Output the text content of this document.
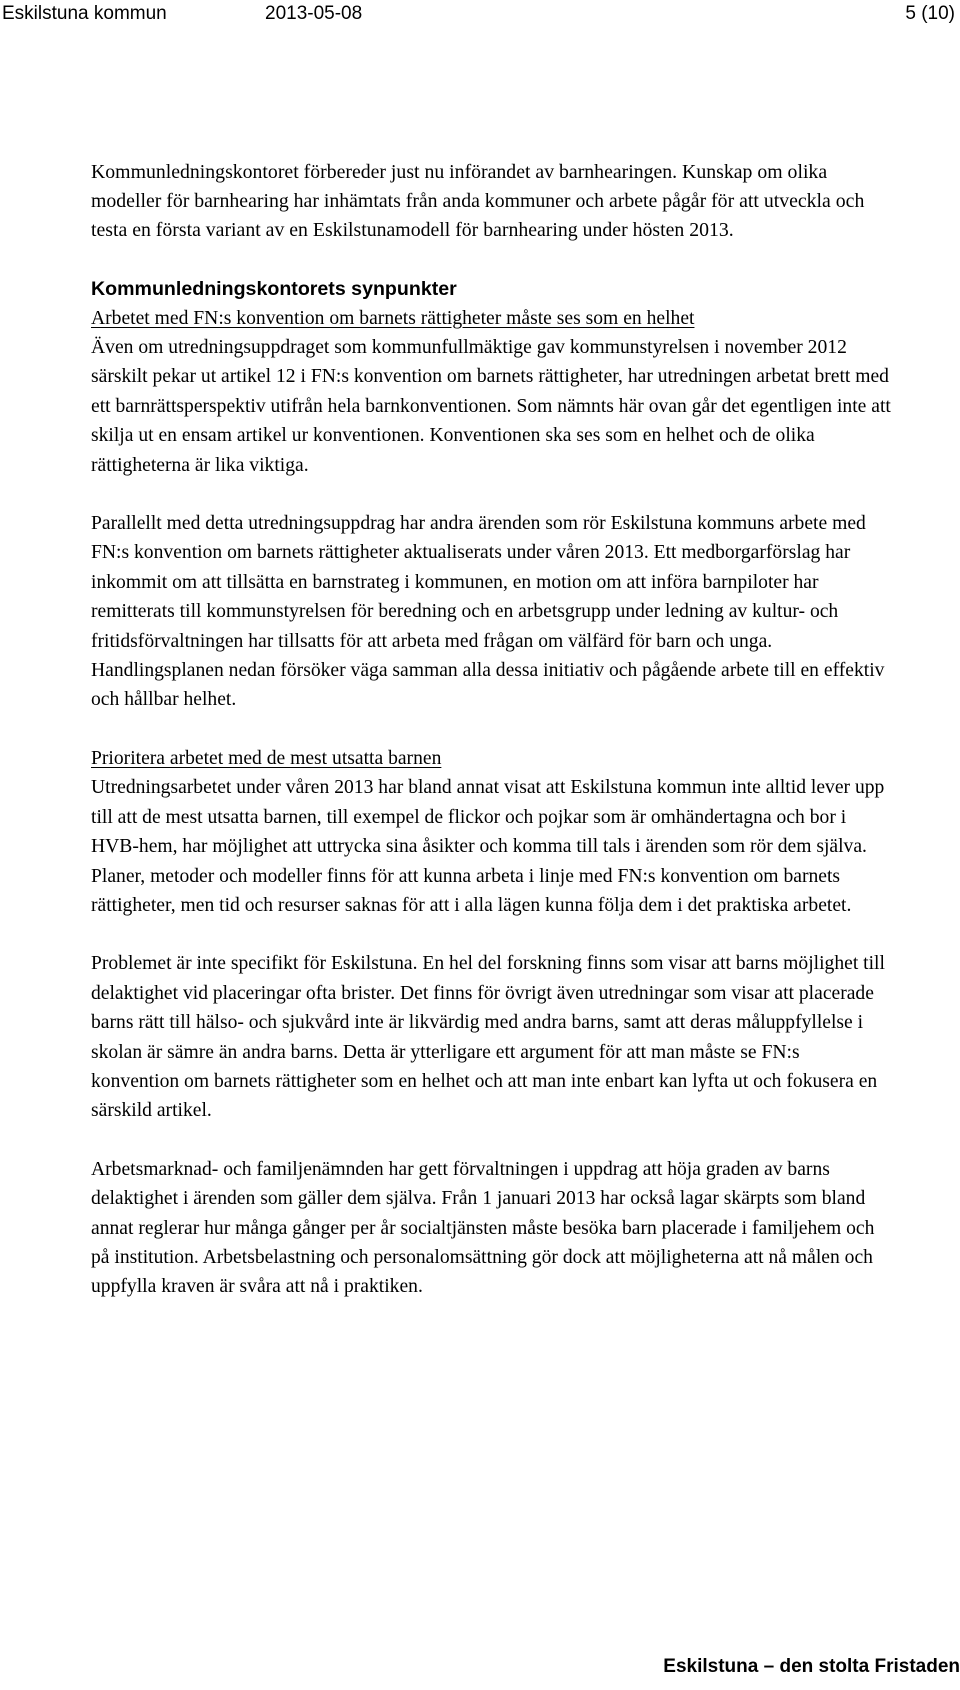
Eskilstuna kommun	2013-05-08	5 (10)

Kommunledningskontoret förbereder just nu införandet av barnhearingen. Kunskap om olika modeller för barnhearing har inhämtats från anda kommuner och arbete pågår för att utveckla och testa en första variant av en Eskilstunamodell för barnhearing under hösten 2013.

Kommunledningskontorets synpunkter

Arbetet med FN:s konvention om barnets rättigheter måste ses som en helhet

Även om utredningsuppdraget som kommunfullmäktige gav kommunstyrelsen i november 2012 särskilt pekar ut artikel 12 i FN:s konvention om barnets rättigheter, har utredningen arbetat brett med ett barnrättsperspektiv utifrån hela barnkonventionen. Som nämnts här ovan går det egentligen inte att skilja ut en ensam artikel ur konventionen. Konventionen ska ses som en helhet och de olika rättigheterna är lika viktiga.

Parallellt med detta utredningsuppdrag har andra ärenden som rör Eskilstuna kommuns arbete med FN:s konvention om barnets rättigheter aktualiserats under våren 2013. Ett medborgarförslag har inkommit om att tillsätta en barnstrateg i kommunen, en motion om att införa barnpiloter har remitterats till kommunstyrelsen för beredning och en arbetsgrupp under ledning av kultur- och fritidsförvaltningen har tillsatts för att arbeta med frågan om välfärd för barn och unga. Handlingsplanen nedan försöker väga samman alla dessa initiativ och pågående arbete till en effektiv och hållbar helhet.

Prioritera arbetet med de mest utsatta barnen

Utredningsarbetet under våren 2013 har bland annat visat att Eskilstuna kommun inte alltid lever upp till att de mest utsatta barnen, till exempel de flickor och pojkar som är omhändertagna och bor i HVB-hem, har möjlighet att uttrycka sina åsikter och komma till tals i ärenden som rör dem själva. Planer, metoder och modeller finns för att kunna arbeta i linje med FN:s konvention om barnets rättigheter, men tid och resurser saknas för att i alla lägen kunna följa dem i det praktiska arbetet.

Problemet är inte specifikt för Eskilstuna. En hel del forskning finns som visar att barns möjlighet till delaktighet vid placeringar ofta brister. Det finns för övrigt även utredningar som visar att placerade barns rätt till hälso- och sjukvård inte är likvärdig med andra barns, samt att deras måluppfyllelse i skolan är sämre än andra barns. Detta är ytterligare ett argument för att man måste se FN:s konvention om barnets rättigheter som en helhet och att man inte enbart kan lyfta ut och fokusera en särskild artikel.

Arbetsmarknad- och familjenämnden har gett förvaltningen i uppdrag att höja graden av barns delaktighet i ärenden som gäller dem själva. Från 1 januari 2013 har också lagar skärpts som bland annat reglerar hur många gånger per år socialtjänsten måste besöka barn placerade i familjehem och på institution. Arbetsbelastning och personalomsättning gör dock att möjligheterna att nå målen och uppfylla kraven är svåra att nå i praktiken.

Eskilstuna – den stolta Fristaden
